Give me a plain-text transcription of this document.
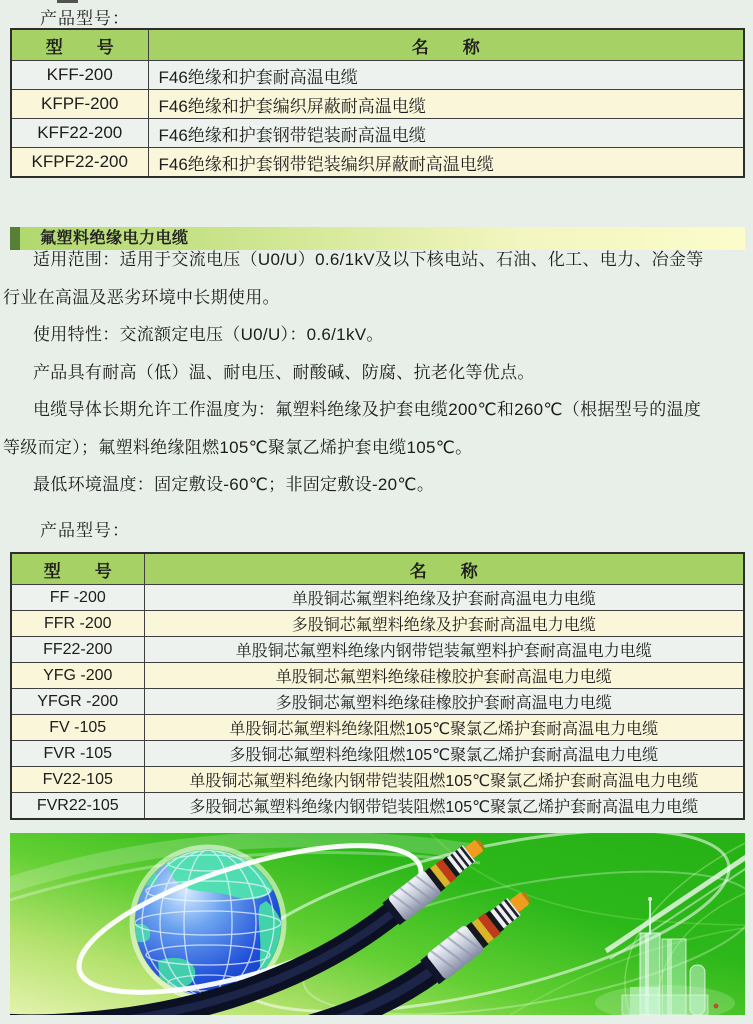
产品型号：
型　　号	名　　称
KFF-200	F46绝缘和护套耐高温电缆
KFPF-200	F46绝缘和护套编织屏蔽耐高温电缆
KFF22-200	F46绝缘和护套钢带铠装耐高温电缆
KFPF22-200	F46绝缘和护套钢带铠装编织屏蔽耐高温电缆
氟塑料绝缘电力电缆

适用范围：适用于交流电压（U0/U）0.6/1kV及以下核电站、石油、化工、电力、冶金等行业在高温及恶劣环境中长期使用。

使用特性：交流额定电压（U0/U）：0.6/1kV。

产品具有耐高（低）温、耐电压、耐酸碱、防腐、抗老化等优点。

电缆导体长期允许工作温度为：氟塑料绝缘及护套电缆200℃和260℃（根据型号的温度等级而定）；氟塑料绝缘阻燃105℃聚氯乙烯护套电缆105℃。

最低环境温度：固定敷设-60℃；非固定敷设-20℃。

产品型号：
型　　号	名　　称
FF -200	单股铜芯氟塑料绝缘及护套耐高温电力电缆
FFR -200	多股铜芯氟塑料绝缘及护套耐高温电力电缆
FF22-200	单股铜芯氟塑料绝缘内钢带铠装氟塑料护套耐高温电力电缆
YFG -200	单股铜芯氟塑料绝缘硅橡胶护套耐高温电力电缆
YFGR -200	多股铜芯氟塑料绝缘硅橡胶护套耐高温电力电缆
FV -105	单股铜芯氟塑料绝缘阻燃105℃聚氯乙烯护套耐高温电力电缆
FVR -105	多股铜芯氟塑料绝缘阻燃105℃聚氯乙烯护套耐高温电力电缆
FV22-105	单股铜芯氟塑料绝缘内钢带铠装阻燃105℃聚氯乙烯护套耐高温电力电缆
FVR22-105	多股铜芯氟塑料绝缘内钢带铠装阻燃105℃聚氯乙烯护套耐高温电力电缆
